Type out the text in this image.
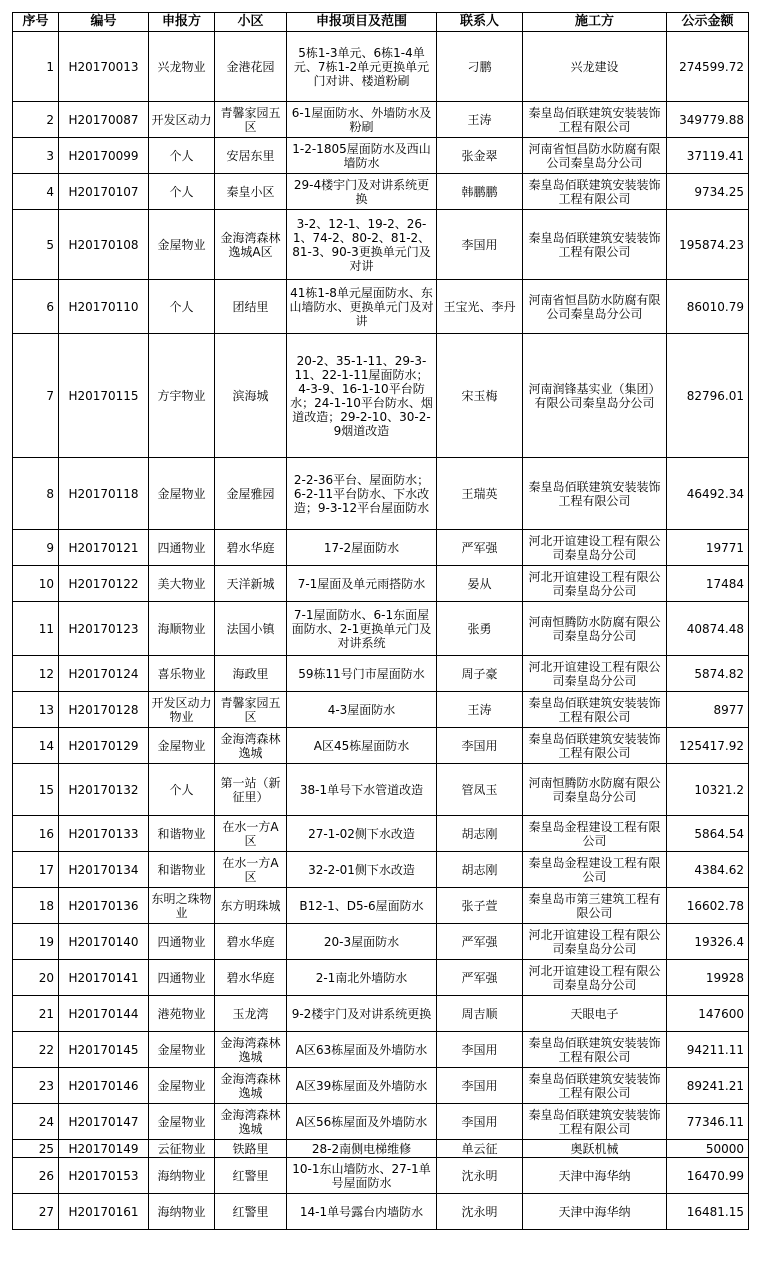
序号	编号	申报方	小区	申报项目及范围	联系人	施工方	公示金额
1	H20170013	兴龙物业	金港花园	5栋1-3单元、6栋1-4单元、7栋1-2单元更换单元门对讲、楼道粉刷	刁鹏	兴龙建设	274599.72
2	H20170087	开发区动力	青馨家园五区	6-1屋面防水、外墙防水及粉刷	王涛	秦皇岛佰联建筑安装装饰工程有限公司	349779.88
3	H20170099	个人	安居东里	1-2-1805屋面防水及西山墙防水	张金翠	河南省恒昌防水防腐有限公司秦皇岛分公司	37119.41
4	H20170107	个人	秦皇小区	29-4楼宇门及对讲系统更换	韩鹏鹏	秦皇岛佰联建筑安装装饰工程有限公司	9734.25
5	H20170108	金屋物业	金海湾森林逸城A区	3-2、12-1、19-2、26-1、74-2、80-2、81-2、81-3、90-3更换单元门及对讲	李国用	秦皇岛佰联建筑安装装饰工程有限公司	195874.23
6	H20170110	个人	团结里	41栋1-8单元屋面防水、东山墙防水、更换单元门及对讲	王宝光、李丹	河南省恒昌防水防腐有限公司秦皇岛分公司	86010.79
7	H20170115	方宇物业	滨海城	20-2、35-1-11、29-3-11、22-1-11屋面防水；4-3-9、16-1-10平台防水；24-1-10平台防水、烟道改造；29-2-10、30-2-9烟道改造	宋玉梅	河南润锋基实业（集团）有限公司秦皇岛分公司	82796.01
8	H20170118	金屋物业	金屋雅园	2-2-36平台、屋面防水；6-2-11平台防水、下水改造；9-3-12平台屋面防水	王瑞英	秦皇岛佰联建筑安装装饰工程有限公司	46492.34
9	H20170121	四通物业	碧水华庭	17-2屋面防水	严军强	河北开谊建设工程有限公司秦皇岛分公司	19771
10	H20170122	美大物业	天洋新城	7-1屋面及单元雨搭防水	晏从	河北开谊建设工程有限公司秦皇岛分公司	17484
11	H20170123	海顺物业	法国小镇	7-1屋面防水、6-1东面屋面防水、2-1更换单元门及对讲系统	张勇	河南恒腾防水防腐有限公司秦皇岛分公司	40874.48
12	H20170124	喜乐物业	海政里	59栋11号门市屋面防水	周子豪	河北开谊建设工程有限公司秦皇岛分公司	5874.82
13	H20170128	开发区动力物业	青馨家园五区	4-3屋面防水	王涛	秦皇岛佰联建筑安装装饰工程有限公司	8977
14	H20170129	金屋物业	金海湾森林逸城	A区45栋屋面防水	李国用	秦皇岛佰联建筑安装装饰工程有限公司	125417.92
15	H20170132	个人	第一站（新征里）	38-1单号下水管道改造	管凤玉	河南恒腾防水防腐有限公司秦皇岛分公司	10321.2
16	H20170133	和谐物业	在水一方A区	27-1-02侧下水改造	胡志刚	秦皇岛金程建设工程有限公司	5864.54
17	H20170134	和谐物业	在水一方A区	32-2-01侧下水改造	胡志刚	秦皇岛金程建设工程有限公司	4384.62
18	H20170136	东明之珠物业	东方明珠城	B12-1、D5-6屋面防水	张子萱	秦皇岛市第三建筑工程有限公司	16602.78
19	H20170140	四通物业	碧水华庭	20-3屋面防水	严军强	河北开谊建设工程有限公司秦皇岛分公司	19326.4
20	H20170141	四通物业	碧水华庭	2-1南北外墙防水	严军强	河北开谊建设工程有限公司秦皇岛分公司	19928
21	H20170144	港苑物业	玉龙湾	9-2楼宇门及对讲系统更换	周吉顺	天眼电子	147600
22	H20170145	金屋物业	金海湾森林逸城	A区63栋屋面及外墙防水	李国用	秦皇岛佰联建筑安装装饰工程有限公司	94211.11
23	H20170146	金屋物业	金海湾森林逸城	A区39栋屋面及外墙防水	李国用	秦皇岛佰联建筑安装装饰工程有限公司	89241.21
24	H20170147	金屋物业	金海湾森林逸城	A区56栋屋面及外墙防水	李国用	秦皇岛佰联建筑安装装饰工程有限公司	77346.11
25	H20170149	云征物业	铁路里	28-2南侧电梯维修	单云征	奥跃机械	50000
26	H20170153	海纳物业	红警里	10-1东山墙防水、27-1单号屋面防水	沈永明	天津中海华纳	16470.99
27	H20170161	海纳物业	红警里	14-1单号露台内墙防水	沈永明	天津中海华纳	16481.15
